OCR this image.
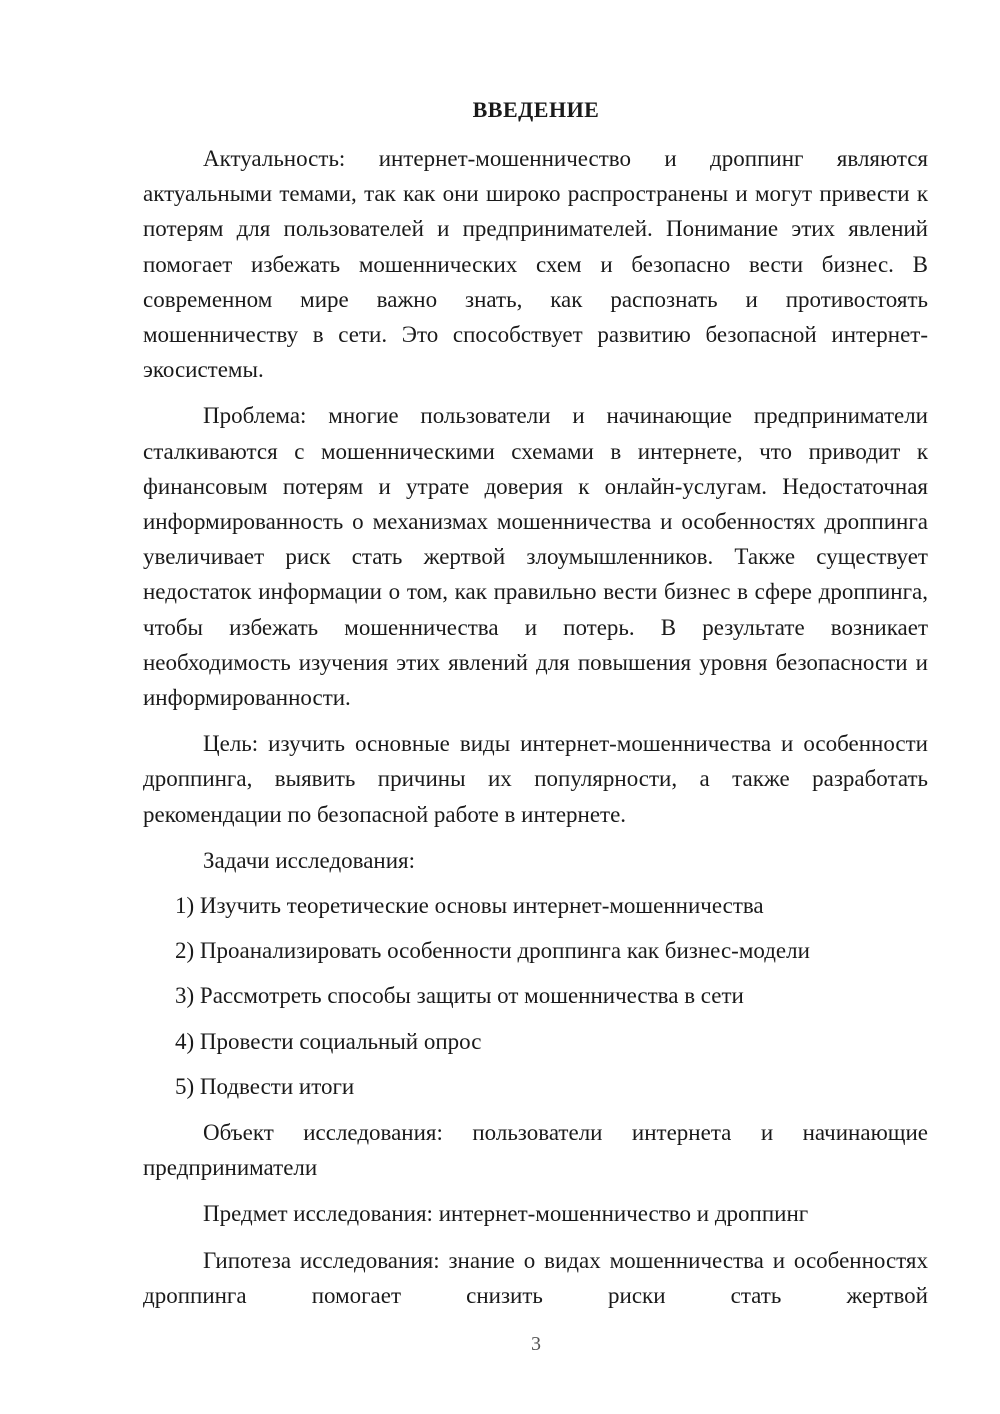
ВВЕДЕНИЕ

Актуальность: интернет-мошенничество и дроппинг являются актуальными темами, так как они широко распространены и могут привести к потерям для пользователей и предпринимателей. Понимание этих явлений помогает избежать мошеннических схем и безопасно вести бизнес. В современном мире важно знать, как распознать и противостоять мошенничеству в сети. Это способствует развитию безопасной интернет-экосистемы.

Проблема: многие пользователи и начинающие предприниматели сталкиваются с мошенническими схемами в интернете, что приводит к финансовым потерям и утрате доверия к онлайн-услугам. Недостаточная информированность о механизмах мошенничества и особенностях дроппинга увеличивает риск стать жертвой злоумышленников. Также существует недостаток информации о том, как правильно вести бизнес в сфере дроппинга, чтобы избежать мошенничества и потерь. В результате возникает необходимость изучения этих явлений для повышения уровня безопасности и информированности.

Цель: изучить основные виды интернет-мошенничества и особенности дроппинга, выявить причины их популярности, а также разработать рекомендации по безопасной работе в интернете.

Задачи исследования:

1) Изучить теоретические основы интернет-мошенничества

2) Проанализировать особенности дроппинга как бизнес-модели

3) Рассмотреть способы защиты от мошенничества в сети

4) Провести социальный опрос

5) Подвести итоги

Объект исследования: пользователи интернета и начинающие предприниматели

Предмет исследования: интернет-мошенничество и дроппинг

Гипотеза исследования: знание о видах мошенничества и особенностях дроппинга помогает снизить риски стать жертвой

3
